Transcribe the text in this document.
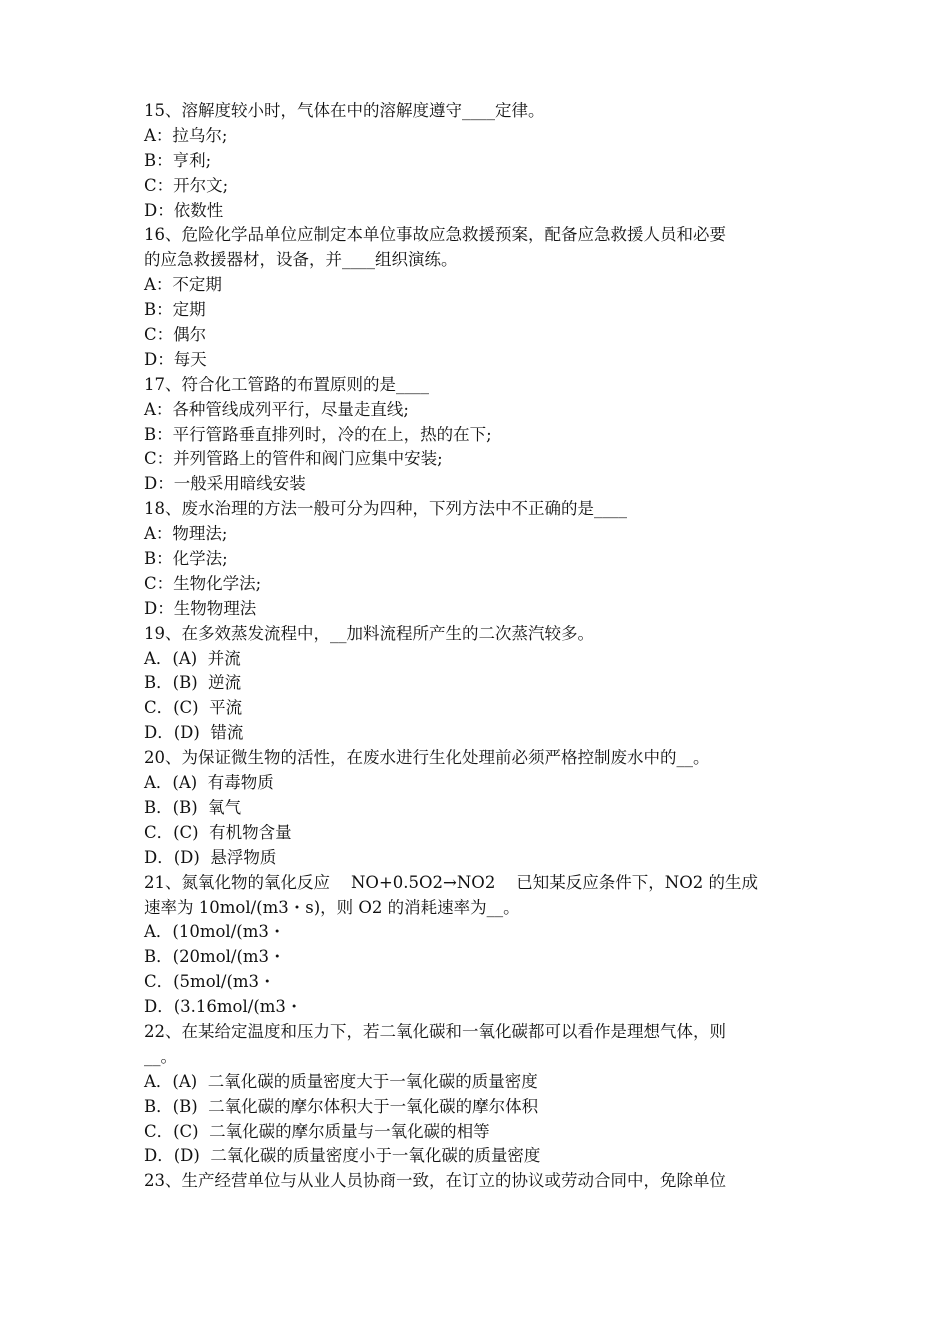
15、溶解度较小时，气体在中的溶解度遵守____定律。
A：拉乌尔;
B：亨利;
C：开尔文;
D：依数性
16、危险化学品单位应制定本单位事故应急救援预案，配备应急救援人员和必要
的应急救援器材，设备，并____组织演练。
A：不定期
B：定期
C：偶尔
D：每天
17、符合化工管路的布置原则的是____
A：各种管线成列平行，尽量走直线;
B：平行管路垂直排列时，冷的在上，热的在下;
C：并列管路上的管件和阀门应集中安装;
D：一般采用暗线安装
18、废水治理的方法一般可分为四种，下列方法中不正确的是____
A：物理法;
B：化学法;
C：生物化学法;
D：生物物理法
19、在多效蒸发流程中，__加料流程所产生的二次蒸汽较多。
A．(A)  并流
B．(B)  逆流
C．(C)  平流
D．(D)  错流
20、为保证微生物的活性，在废水进行生化处理前必须严格控制废水中的__。
A．(A)  有毒物质
B．(B)  氧气
C．(C)  有机物含量
D．(D)  悬浮物质
21、氮氧化物的氧化反应    NO+0.5O2→NO2    已知某反应条件下，NO2 的生成
速率为 10mol/(m3・s)，则 O2 的消耗速率为__。
A．(10mol/(m3・
B．(20mol/(m3・
C．(5mol/(m3・
D．(3.16mol/(m3・
22、在某给定温度和压力下，若二氧化碳和一氧化碳都可以看作是理想气体，则
__。
A．(A)  二氧化碳的质量密度大于一氧化碳的质量密度
B．(B)  二氧化碳的摩尔体积大于一氧化碳的摩尔体积
C．(C)  二氧化碳的摩尔质量与一氧化碳的相等
D．(D)  二氧化碳的质量密度小于一氧化碳的质量密度
23、生产经营单位与从业人员协商一致，在订立的协议或劳动合同中，免除单位
